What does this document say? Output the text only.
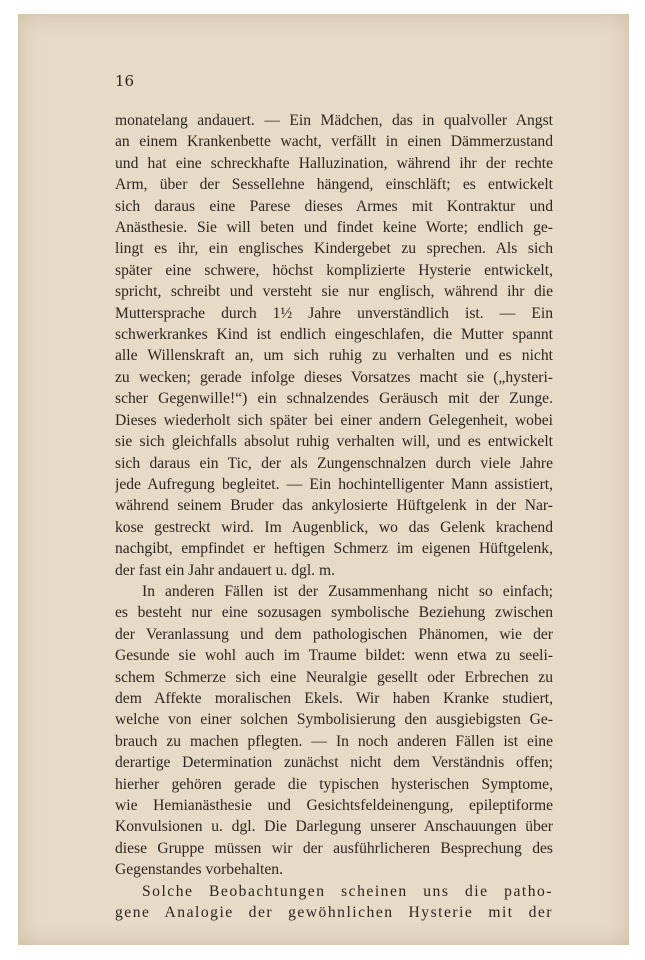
16
monatelang andauert. — Ein Mädchen, das in qualvoller Angst
an einem Krankenbette wacht, verfällt in einen Dämmerzustand
und hat eine schreckhafte Halluzination, während ihr der rechte
Arm, über der Sessellehne hängend, einschläft; es entwickelt
sich daraus eine Parese dieses Armes mit Kontraktur und
Anästhesie. Sie will beten und findet keine Worte; endlich ge-
lingt es ihr, ein englisches Kindergebet zu sprechen. Als sich
später eine schwere, höchst komplizierte Hysterie entwickelt,
spricht, schreibt und versteht sie nur englisch, während ihr die
Muttersprache durch 1½ Jahre unverständlich ist. — Ein
schwerkrankes Kind ist endlich eingeschlafen, die Mutter spannt
alle Willenskraft an, um sich ruhig zu verhalten und es nicht
zu wecken; gerade infolge dieses Vorsatzes macht sie („hysteri-
scher Gegenwille!“) ein schnalzendes Geräusch mit der Zunge.
Dieses wiederholt sich später bei einer andern Gelegenheit, wobei
sie sich gleichfalls absolut ruhig verhalten will, und es entwickelt
sich daraus ein Tic, der als Zungenschnalzen durch viele Jahre
jede Aufregung begleitet. — Ein hochintelligenter Mann assistiert,
während seinem Bruder das ankylosierte Hüftgelenk in der Nar-
kose gestreckt wird. Im Augenblick, wo das Gelenk krachend
nachgibt, empfindet er heftigen Schmerz im eigenen Hüftgelenk,
der fast ein Jahr andauert u. dgl. m.
In anderen Fällen ist der Zusammenhang nicht so einfach;
es besteht nur eine sozusagen symbolische Beziehung zwischen
der Veranlassung und dem pathologischen Phänomen, wie der
Gesunde sie wohl auch im Traume bildet: wenn etwa zu seeli-
schem Schmerze sich eine Neuralgie gesellt oder Erbrechen zu
dem Affekte moralischen Ekels. Wir haben Kranke studiert,
welche von einer solchen Symbolisierung den ausgiebigsten Ge-
brauch zu machen pflegten. — In noch anderen Fällen ist eine
derartige Determination zunächst nicht dem Verständnis offen;
hierher gehören gerade die typischen hysterischen Symptome,
wie Hemianästhesie und Gesichtsfeldeinengung, epileptiforme
Konvulsionen u. dgl. Die Darlegung unserer Anschauungen über
diese Gruppe müssen wir der ausführlicheren Besprechung des
Gegenstandes vorbehalten.
Solche Beobachtungen scheinen uns die patho-
gene Analogie der gewöhnlichen Hysterie mit der
